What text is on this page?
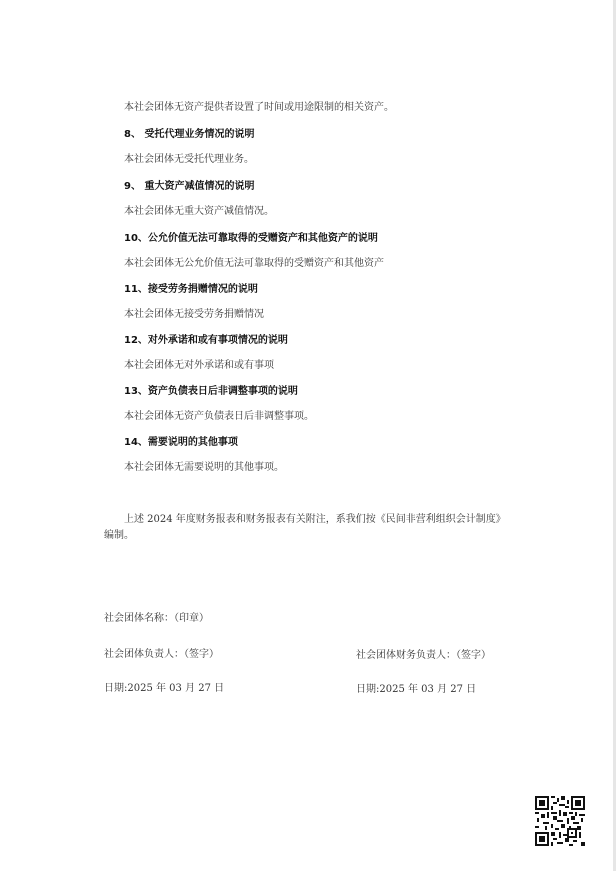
本社会团体无资产提供者设置了时间或用途限制的相关资产。
8、 受托代理业务情况的说明
本社会团体无受托代理业务。
9、 重大资产减值情况的说明
本社会团体无重大资产减值情况。
10、公允价值无法可靠取得的受赠资产和其他资产的说明
本社会团体无公允价值无法可靠取得的受赠资产和其他资产
11、接受劳务捐赠情况的说明
本社会团体无接受劳务捐赠情况
12、对外承诺和或有事项情况的说明
本社会团体无对外承诺和或有事项
13、资产负债表日后非调整事项的说明
本社会团体无资产负债表日后非调整事项。
14、需要说明的其他事项
本社会团体无需要说明的其他事项。
上述 2024 年度财务报表和财务报表有关附注，系我们按《民间非营利组织会计制度》
编制。
社会团体名称：（印章）
社会团体负责人：（签字）	社会团体财务负责人：（签字）
日期:2025 年 03 月 27 日	日期:2025 年 03 月 27 日
